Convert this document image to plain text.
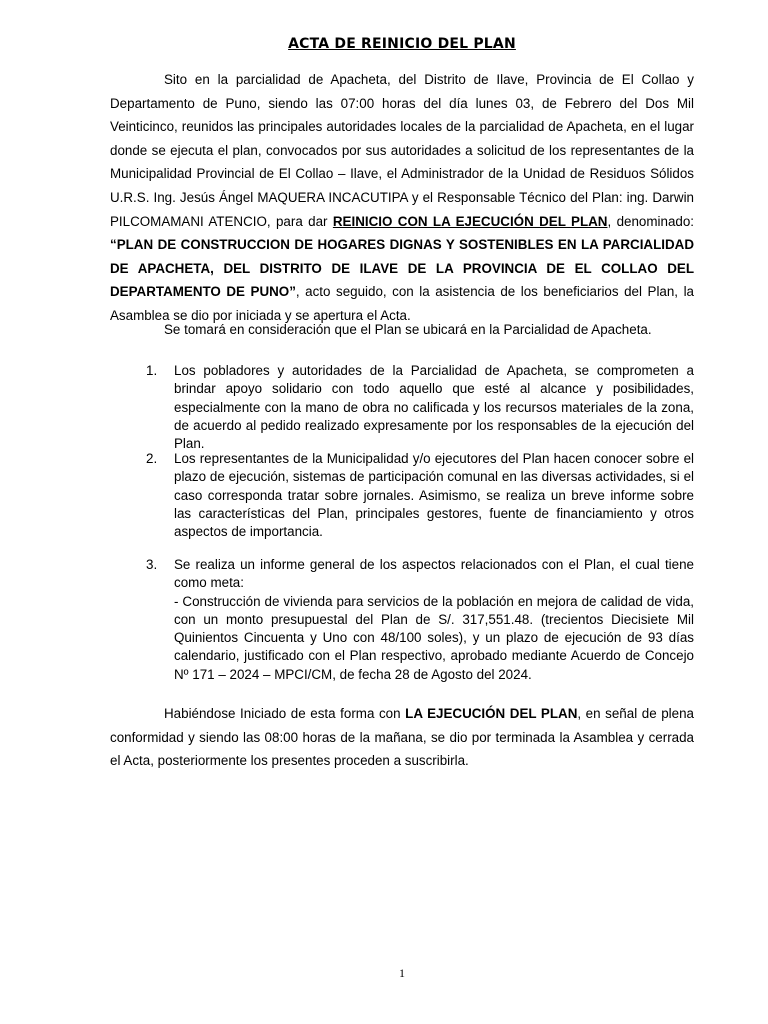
ACTA DE REINICIO DEL PLAN

Sito en la parcialidad de Apacheta, del Distrito de Ilave, Provincia de El Collao y Departamento de Puno, siendo las 07:00 horas del día lunes 03, de Febrero del Dos Mil Veinticinco, reunidos las principales autoridades locales de la parcialidad de Apacheta, en el lugar donde se ejecuta el plan, convocados por sus autoridades a solicitud de los representantes de la Municipalidad Provincial de El Collao – Ilave, el Administrador de la Unidad de Residuos Sólidos U.R.S. Ing. Jesús Ángel MAQUERA INCACUTIPA y el Responsable Técnico del Plan: ing. Darwin PILCOMAMANI ATENCIO, para dar REINICIO CON LA EJECUCIÓN DEL PLAN, denominado: “PLAN DE CONSTRUCCION DE HOGARES DIGNAS Y SOSTENIBLES EN LA PARCIALIDAD DE APACHETA, DEL DISTRITO DE ILAVE DE LA PROVINCIA DE EL COLLAO DEL DEPARTAMENTO DE PUNO”, acto seguido, con la asistencia de los beneficiarios del Plan, la Asamblea se dio por iniciada y se apertura el Acta.

Se tomará en consideración que el Plan se ubicará en la Parcialidad de Apacheta.

1. Los pobladores y autoridades de la Parcialidad de Apacheta, se comprometen a brindar apoyo solidario con todo aquello que esté al alcance y posibilidades, especialmente con la mano de obra no calificada y los recursos materiales de la zona, de acuerdo al pedido realizado expresamente por los responsables de la ejecución del Plan.
2. Los representantes de la Municipalidad y/o ejecutores del Plan hacen conocer sobre el plazo de ejecución, sistemas de participación comunal en las diversas actividades, si el caso corresponda tratar sobre jornales. Asimismo, se realiza un breve informe sobre las características del Plan, principales gestores, fuente de financiamiento y otros aspectos de importancia.
3. Se realiza un informe general de los aspectos relacionados con el Plan, el cual tiene como meta:
- Construcción de vivienda para servicios de la población en mejora de calidad de vida, con un monto presupuestal del Plan de S/. 317,551.48. (trecientos Diecisiete Mil Quinientos Cincuenta y Uno con 48/100 soles), y un plazo de ejecución de 93 días calendario, justificado con el Plan respectivo, aprobado mediante Acuerdo de Concejo Nº 171 – 2024 – MPCI/CM, de fecha 28 de Agosto del 2024.

Habiéndose Iniciado de esta forma con LA EJECUCIÓN DEL PLAN, en señal de plena conformidad y siendo las 08:00 horas de la mañana, se dio por terminada la Asamblea y cerrada el Acta, posteriormente los presentes proceden a suscribirla.

1
